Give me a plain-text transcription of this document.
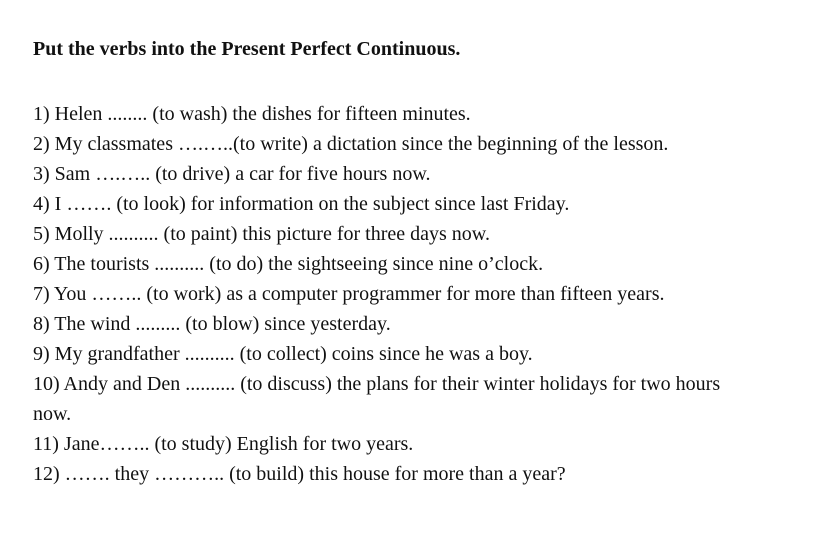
Put the verbs into the Present Perfect Continuous.
1) Helen ........ (to wash) the dishes for fifteen minutes.
2) My classmates ….…..(to write) a dictation since the beginning of the lesson.
3) Sam ….….. (to drive) a car for five hours now.
4) I ……. (to look) for information on the subject since last Friday.
5) Molly .......... (to paint) this picture for three days now.
6) The tourists .......... (to do) the sightseeing since nine o’clock.
7) You …….. (to work) as a computer programmer for more than fifteen years.
8) The wind ......... (to blow) since yesterday.
9) My grandfather .......... (to collect) coins since he was a boy.
10) Andy and Den .......... (to discuss) the plans for their winter holidays for two hours
now.
11) Jane…….. (to study) English for two years.
12) ……. they ……….. (to build) this house for more than a year?
